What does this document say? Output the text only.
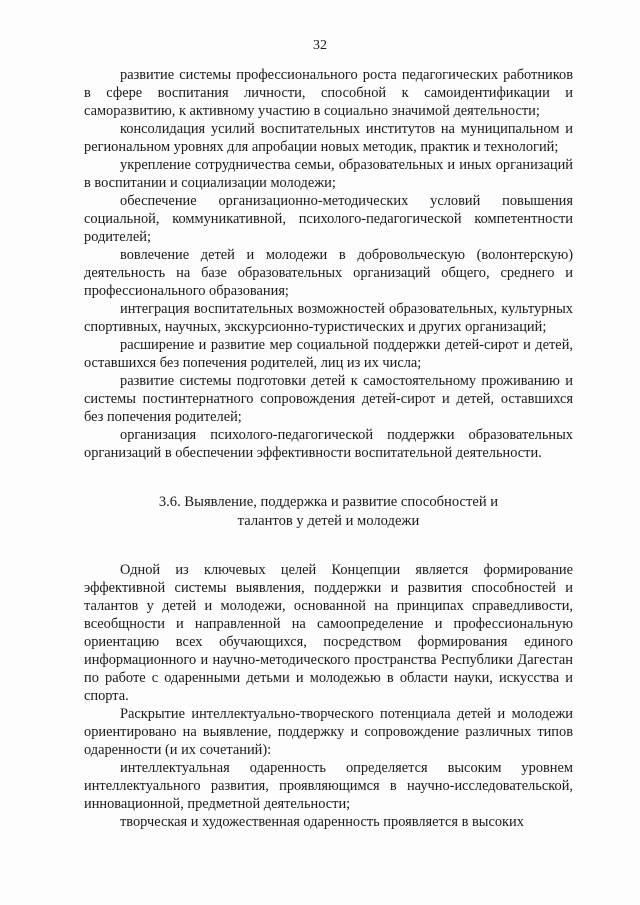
32

развитие системы профессионального роста педагогических работников в сфере воспитания личности, способной к самоидентификации и саморазвитию, к активному участию в социально значимой деятельности;

консолидация усилий воспитательных институтов на муниципальном и региональном уровнях для апробации новых методик, практик и технологий;

укрепление сотрудничества семьи, образовательных и иных организаций в воспитании и социализации молодежи;

обеспечение организационно-методических условий повышения социальной, коммуникативной, психолого-педагогической компетентности родителей;

вовлечение детей и молодежи в добровольческую (волонтерскую) деятельность на базе образовательных организаций общего, среднего и профессионального образования;

интеграция воспитательных возможностей образовательных, культурных спортивных, научных, экскурсионно-туристических и других организаций;

расширение и развитие мер социальной поддержки детей-сирот и детей, оставшихся без попечения родителей, лиц из их числа;

развитие системы подготовки детей к самостоятельному проживанию и системы постинтернатного сопровождения детей-сирот и детей, оставшихся без попечения родителей;

организация психолого-педагогической поддержки образовательных организаций в обеспечении эффективности воспитательной деятельности.

3.6. Выявление, поддержка и развитие способностей и
талантов у детей и молодежи

Одной из ключевых целей Концепции является формирование эффективной системы выявления, поддержки и развития способностей и талантов у детей и молодежи, основанной на принципах справедливости, всеобщности и направленной на самоопределение и профессиональную ориентацию всех обучающихся, посредством формирования единого информационного и научно-методического пространства Республики Дагестан по работе с одаренными детьми и молодежью в области науки, искусства и спорта.

Раскрытие интеллектуально-творческого потенциала детей и молодежи ориентировано на выявление, поддержку и сопровождение различных типов одаренности (и их сочетаний):

интеллектуальная одаренность определяется высоким уровнем интеллектуального развития, проявляющимся в научно-исследовательской, инновационной, предметной деятельности;

творческая и художественная одаренность проявляется в высоких
